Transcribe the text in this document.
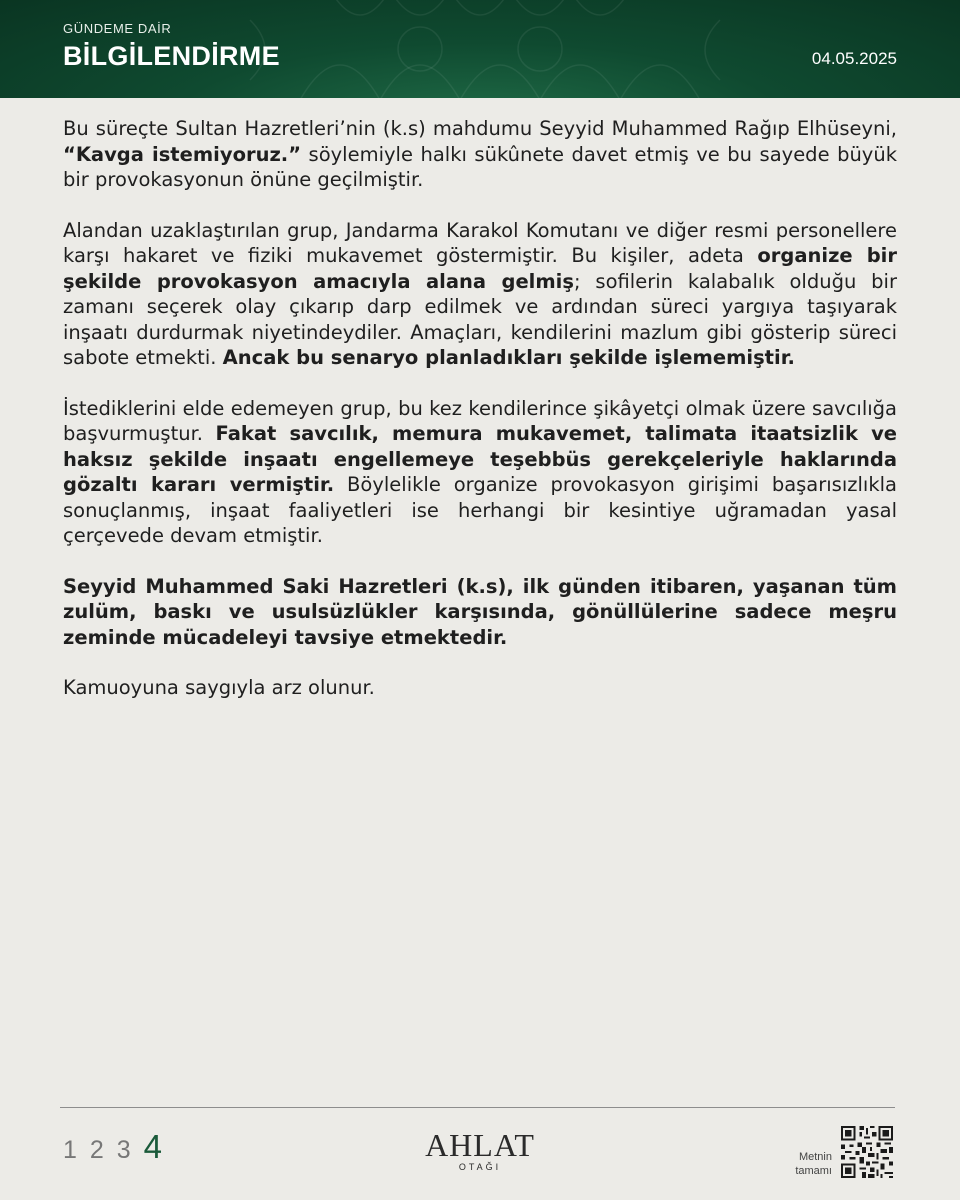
GÜNDEME DAİR
BİLGİLENDİRME	04.05.2025

Bu süreçte Sultan Hazretleri’nin (k.s) mahdumu Seyyid Muhammed Rağıp Elhüseyni, “Kavga istemiyoruz.” söylemiyle halkı sükûnete davet etmiş ve bu sayede büyük bir provokasyonun önüne geçilmiştir.

Alandan uzaklaştırılan grup, Jandarma Karakol Komutanı ve diğer resmi personellere karşı hakaret ve fiziki mukavemet göstermiştir. Bu kişiler, adeta organize bir şekilde provokasyon amacıyla alana gelmiş; sofilerin kalabalık olduğu bir zamanı seçerek olay çıkarıp darp edilmek ve ardından süreci yargıya taşıyarak inşaatı durdurmak niyetindeydiler. Amaçları, kendilerini mazlum gibi gösterip süreci sabote etmekti. Ancak bu senaryo planladıkları şekilde işlememiştir.

İstediklerini elde edemeyen grup, bu kez kendilerince şikâyetçi olmak üzere savcılığa başvurmuştur. Fakat savcılık, memura mukavemet, talimata itaatsizlik ve haksız şekilde inşaatı engellemeye teşebbüs gerekçeleriyle haklarında gözaltı kararı vermiştir. Böylelikle organize provokasyon girişimi başarısızlıkla sonuçlanmış, inşaat faaliyetleri ise herhangi bir kesintiye uğramadan yasal çerçevede devam etmiştir.

Seyyid Muhammed Saki Hazretleri (k.s), ilk günden itibaren, yaşanan tüm zulüm, baskı ve usulsüzlükler karşısında, gönüllülerine sadece meşru zeminde mücadeleyi tavsiye etmektedir.

Kamuoyuna saygıyla arz olunur.

1 2 3 4	AHLAT
OTAĞI
Metnin
tamamı
